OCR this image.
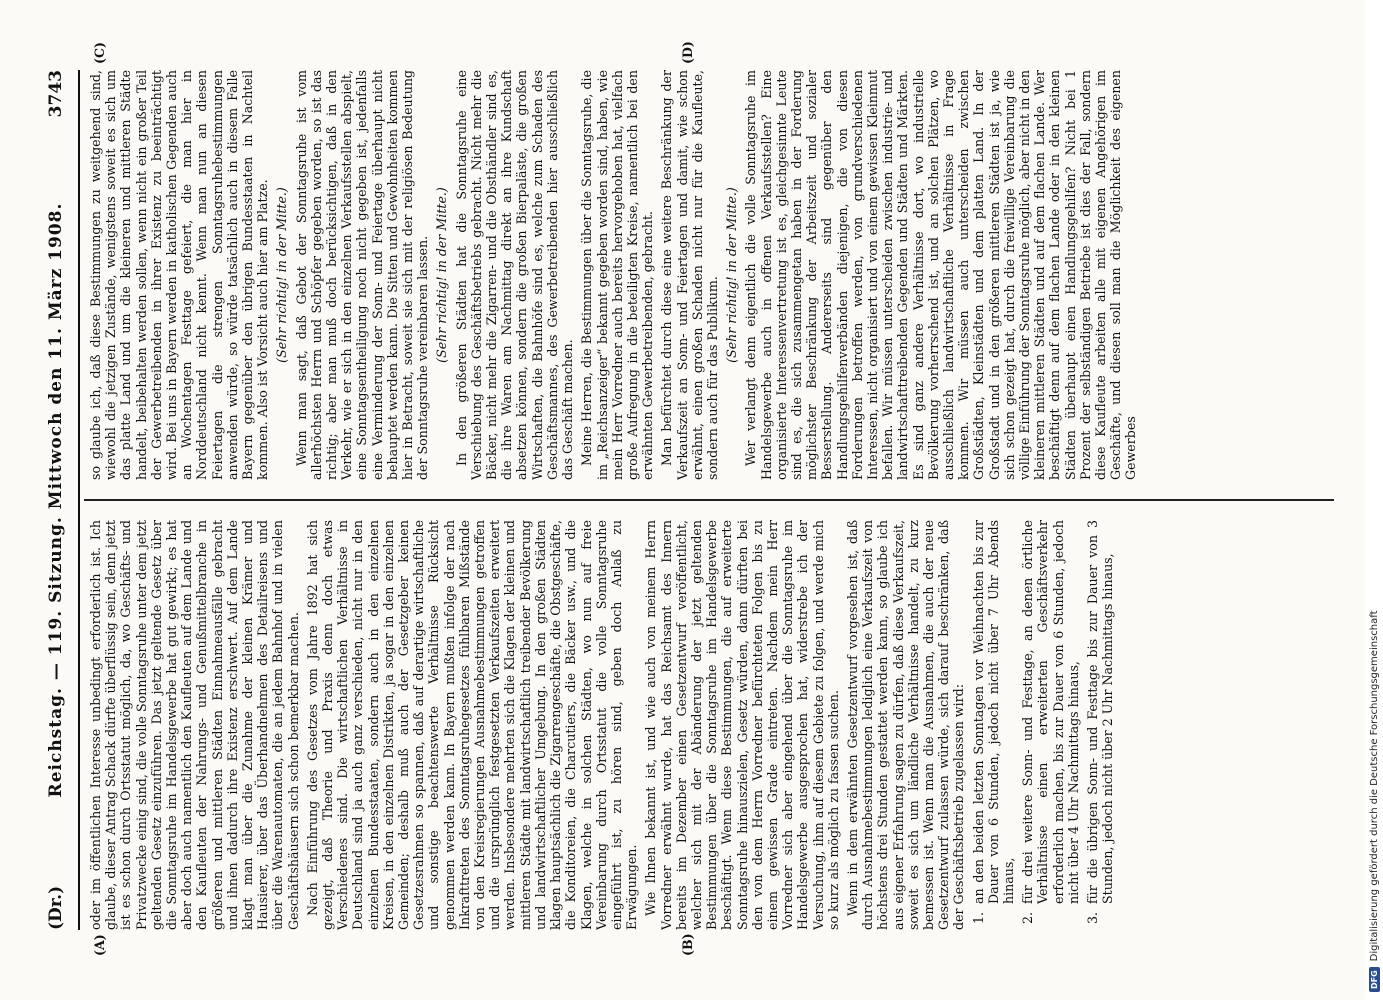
(Dr.)
Reichstag. — 119. Sitzung. Mittwoch den 11. März 1908.
3743
(A)	(B)
(C)	(D)

oder im öffentlichen Interesse unbedingt erforderlich ist. Ich glaube, dieser Antrag Schack dürfte überflüssig sein, denn jetzt ist es schon durch Ortsstatut möglich, da, wo Geschäfts- und Privatzwecke einig sind, die volle Sonntagsruhe unter dem jetzt geltenden Gesetz einzuführen. Das jetzt geltende Gesetz über die Sonntagsruhe im Handelsgewerbe hat gut gewirkt; es hat aber doch auch namentlich den Kaufleuten auf dem Lande und den Kaufleuten der Nahrungs- und Genußmittelbranche in größeren und mittleren Städten Einnahmeausfälle gebracht und ihnen dadurch ihre Existenz erschwert. Auf dem Lande klagt man über die Zunahme der kleinen Krämer und Hausierer, über das Überhandnehmen des Detailreisens und über die Warenautomaten, die an jedem Bahnhof und in vielen Geschäftshäusern sich schon bemerkbar machen. Nach Einführung des Gesetzes vom Jahre 1892 hat sich gezeigt, daß Theorie und Praxis denn doch etwas Verschiedenes sind. Die wirtschaftlichen Verhältnisse in Deutschland sind ja auch ganz verschieden, nicht nur in den einzelnen Bundesstaaten, sondern auch in den einzelnen Kreisen, in den einzelnen Distrikten, ja sogar in den einzelnen Gemeinden; deshalb muß auch der Gesetzgeber keinen Gesetzesrahmen so spannen, daß auf derartige wirtschaftliche und sonstige beachtenswerte Verhältnisse Rücksicht genommen werden kann. In Bayern mußten infolge der nach Inkrafttreten des Sonntagsruhegesetzes fühlbaren Mißstände von den Kreisregierungen Ausnahmebestimmungen getroffen und die ursprünglich festgesetzten Verkaufszeiten erweitert werden. Insbesondere mehrten sich die Klagen der kleinen und mittleren Städte mit landwirtschaftlich treibender Bevölkerung und landwirtschaftlicher Umgebung. In den großen Städten klagen hauptsächlich die Zigarrengeschäfte, die Obstgeschäfte, die Konditoreien, die Charcutiers, die Bäcker usw., und die Klagen, welche in solchen Städten, wo nun auf freie Vereinbarung durch Ortsstatut die volle Sonntagsruhe eingeführt ist, zu hören sind, geben doch Anlaß zu Erwägungen. Wie Ihnen bekannt ist, und wie auch von meinem Herrn Vorredner erwähnt wurde, hat das Reichsamt des Innern bereits im Dezember einen Gesetzentwurf veröffentlicht, welcher sich mit der Abänderung der jetzt geltenden Bestimmungen über die Sonntagsruhe im Handelsgewerbe beschäftigt. Wenn diese Bestimmungen, die auf erweiterte Sonntagsruhe hinauszielen, Gesetz würden, dann dürften bei den von dem Herrn Vorredner befürchteten Folgen bis zu einem gewissen Grade eintreten. Nachdem mein Herr Vorredner sich aber eingehend über die Sonntagsruhe im Handelsgewerbe ausgesprochen hat, widerstrebe ich der Versuchung, ihm auf diesem Gebiete zu folgen, und werde mich so kurz als möglich zu fassen suchen. Wenn in dem erwähnten Gesetzentwurf vorgesehen ist, daß durch Ausnahmebestimmungen lediglich eine Verkaufszeit von höchstens drei Stunden gestattet werden kann, so glaube ich aus eigener Erfahrung sagen zu dürfen, daß diese Verkaufszeit, soweit es sich um ländliche Verhältnisse handelt, zu kurz bemessen ist. Wenn man die Ausnahmen, die auch der neue Gesetzentwurf zulassen würde, sich darauf beschränken, daß der Geschäftsbetrieb zugelassen wird: 1.
an den beiden letzten Sonntagen vor Weihnachten bis zur Dauer von 6 Stunden, jedoch nicht über 7 Uhr Abends hinaus,

2.
für drei weitere Sonn- und Festtage, an denen örtliche Verhältnisse einen erweiterten Geschäftsverkehr erforderlich machen, bis zur Dauer von 6 Stunden, jedoch nicht über 4 Uhr Nachmittags hinaus,

3.
für die übrigen Sonn- und Festtage bis zur Dauer von 3 Stunden, jedoch nicht über 2 Uhr Nachmittags hinaus,

so glaube ich, daß diese Bestimmungen zu weitgehend sind, wiewohl die jetzigen Zustände, wenigstens soweit es sich um das platte Land und um die kleineren und mittleren Städte handelt, beibehalten werden sollen, wenn nicht ein großer Teil der Gewerbetreibenden in ihrer Existenz zu beeinträchtigt wird. Bei uns in Bayern werden in katholischen Gegenden auch an Wochentagen Festtage gefeiert, die man hier in Norddeutschland nicht kennt. Wenn man nun an diesen Feiertagen die strengen Sonntagsruhebestimmungen anwenden würde, so würde tatsächlich auch in diesem Falle Bayern gegenüber den übrigen Bundesstaaten in Nachteil kommen. Also ist Vorsicht auch hier am Platze. (Sehr richtig! in der Mitte.) Wenn man sagt, daß Gebot der Sonntagsruhe ist vom allerhöchsten Herrn und Schöpfer gegeben worden, so ist das richtig; aber man muß doch berücksichtigen, daß in den Verkehr, wie er sich in den einzelnen Verkaufsstellen abspielt, eine Sonntagsentheiligung noch nicht gegeben ist, jedenfalls eine Verminderung der Sonn- und Feiertage überhaupt nicht behauptet werden kann. Die Sitten und Gewohnheiten kommen hier in Betracht, soweit sie sich mit der religiösen Bedeutung der Sonntagsruhe vereinbaren lassen. (Sehr richtig! in der Mitte.) In den größeren Städten hat die Sonntagsruhe eine Verschiebung des Geschäftsbetriebs gebracht. Nicht mehr die Bäcker, nicht mehr die Zigarren- und die Obsthändler sind es, die ihre Waren am Nachmittag direkt an ihre Kundschaft absetzen können, sondern die großen Bierpaläste, die großen Wirtschaften, die Bahnhöfe sind es, welche zum Schaden des Geschäftsmannes, des Gewerbetreibenden hier ausschließlich das Geschäft machen. Meine Herren, die Bestimmungen über die Sonntagsruhe, die im „Reichsanzeiger“ bekannt gegeben worden sind, haben, wie mein Herr Vorredner auch bereits hervorgehoben hat, vielfach große Aufregung in die beteiligten Kreise, namentlich bei den erwähnten Gewerbetreibenden, gebracht. Man befürchtet durch diese eine weitere Beschränkung der Verkaufszeit an Sonn- und Feiertagen und damit, wie schon erwähnt, einen großen Schaden nicht nur für die Kaufleute, sondern auch für das Publikum.

(Sehr richtig! in der Mitte.) Wer verlangt denn eigentlich die volle Sonntagsruhe im Handelsgewerbe auch in offenen Verkaufsstellen? Eine organisierte Interessenvertretung ist es, gleichgesinnte Leute sind es, die sich zusammengetan haben in der Forderung möglichster Beschränkung der Arbeitszeit und sozialer Besserstellung. Andererseits sind gegenüber den Handlungsgehilfenverbänden diejenigen, die von diesen Forderungen betroffen werden, von grundverschiedenen Interessen, nicht organisiert und von einem gewissen Kleinmut befallen. Wir müssen unterscheiden zwischen industrie- und landwirtschafttreibenden Gegenden und Städten und Märkten. Es sind ganz andere Verhältnisse dort, wo industrielle Bevölkerung vorherrschend ist, und an solchen Plätzen, wo ausschließlich landwirtschaftliche Verhältnisse in Frage kommen. Wir müssen auch unterscheiden zwischen Großstädten, Kleinstädten und dem platten Land. In der Großstadt und in den größeren mittleren Städten ist ja, wie sich schon gezeigt hat, durch die freiwillige Vereinbarung die völlige Einführung der Sonntagsruhe möglich, aber nicht in den kleineren mittleren Städten und auf dem flachen Lande. Wer beschäftigt denn auf dem flachen Lande oder in den kleinen Städten überhaupt einen Handlungsgehilfen? Nicht bei 1 Prozent der selbständigen Betriebe ist dies der Fall, sondern diese Kaufleute arbeiten alle mit eigenen Angehörigen im Geschäfte, und diesen soll man die Möglichkeit des eigenen Gewerbes

DFG
Digitalisierung gefördert durch die Deutsche Forschungsgemeinschaft
